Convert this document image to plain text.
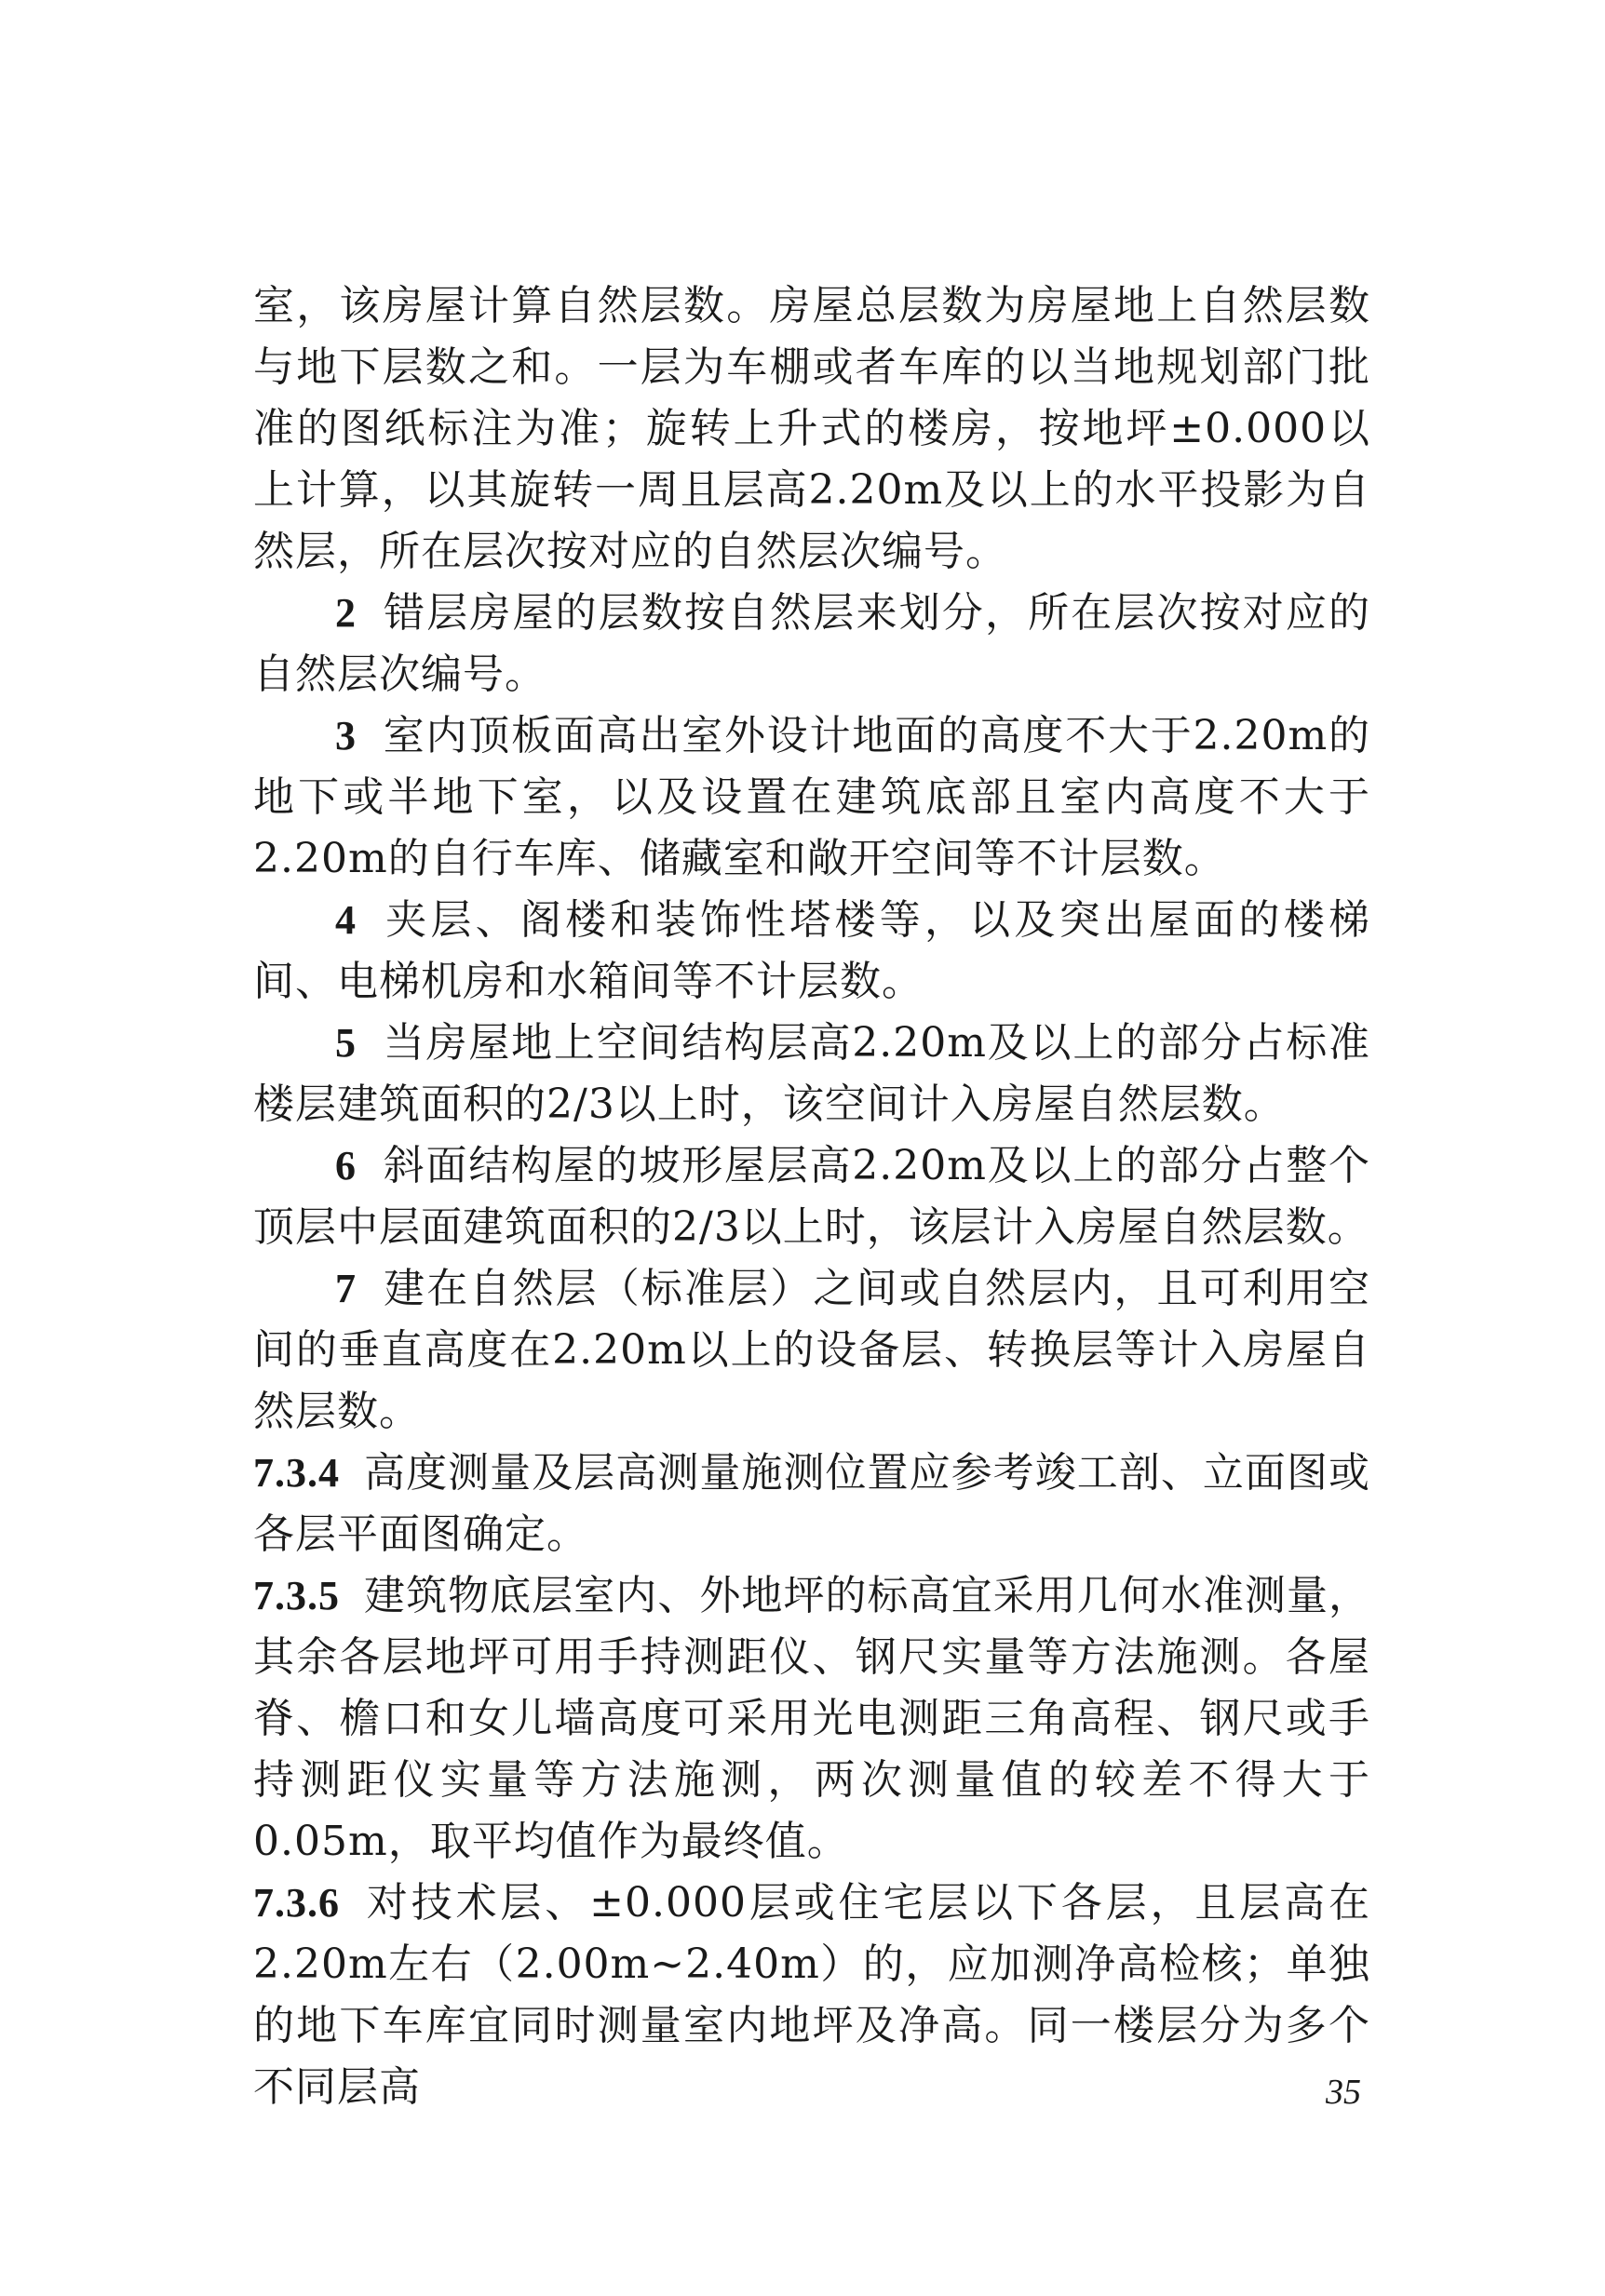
室，该房屋计算自然层数。房屋总层数为房屋地上自然层数与地下层数之和。一层为车棚或者车库的以当地规划部门批准的图纸标注为准；旋转上升式的楼房，按地坪±0.000以上计算，以其旋转一周且层高2.20m及以上的水平投影为自然层，所在层次按对应的自然层次编号。

2 错层房屋的层数按自然层来划分，所在层次按对应的自然层次编号。

3 室内顶板面高出室外设计地面的高度不大于2.20m的地下或半地下室，以及设置在建筑底部且室内高度不大于2.20m的自行车库、储藏室和敞开空间等不计层数。

4 夹层、阁楼和装饰性塔楼等，以及突出屋面的楼梯间、电梯机房和水箱间等不计层数。

5 当房屋地上空间结构层高2.20m及以上的部分占标准楼层建筑面积的2/3以上时，该空间计入房屋自然层数。

6 斜面结构屋的坡形屋层高2.20m及以上的部分占整个顶层中层面建筑面积的2/3以上时，该层计入房屋自然层数。

7 建在自然层（标准层）之间或自然层内，且可利用空间的垂直高度在2.20m以上的设备层、转换层等计入房屋自然层数。

7.3.4 高度测量及层高测量施测位置应参考竣工剖、立面图或各层平面图确定。

7.3.5 建筑物底层室内、外地坪的标高宜采用几何水准测量，其余各层地坪可用手持测距仪、钢尺实量等方法施测。各屋脊、檐口和女儿墙高度可采用光电测距三角高程、钢尺或手持测距仪实量等方法施测，两次测量值的较差不得大于0.05m，取平均值作为最终值。

7.3.6 对技术层、±0.000层或住宅层以下各层，且层高在2.20m左右（2.00m~2.40m）的，应加测净高检核；单独的地下车库宜同时测量室内地坪及净高。同一楼层分为多个不同层高	35
